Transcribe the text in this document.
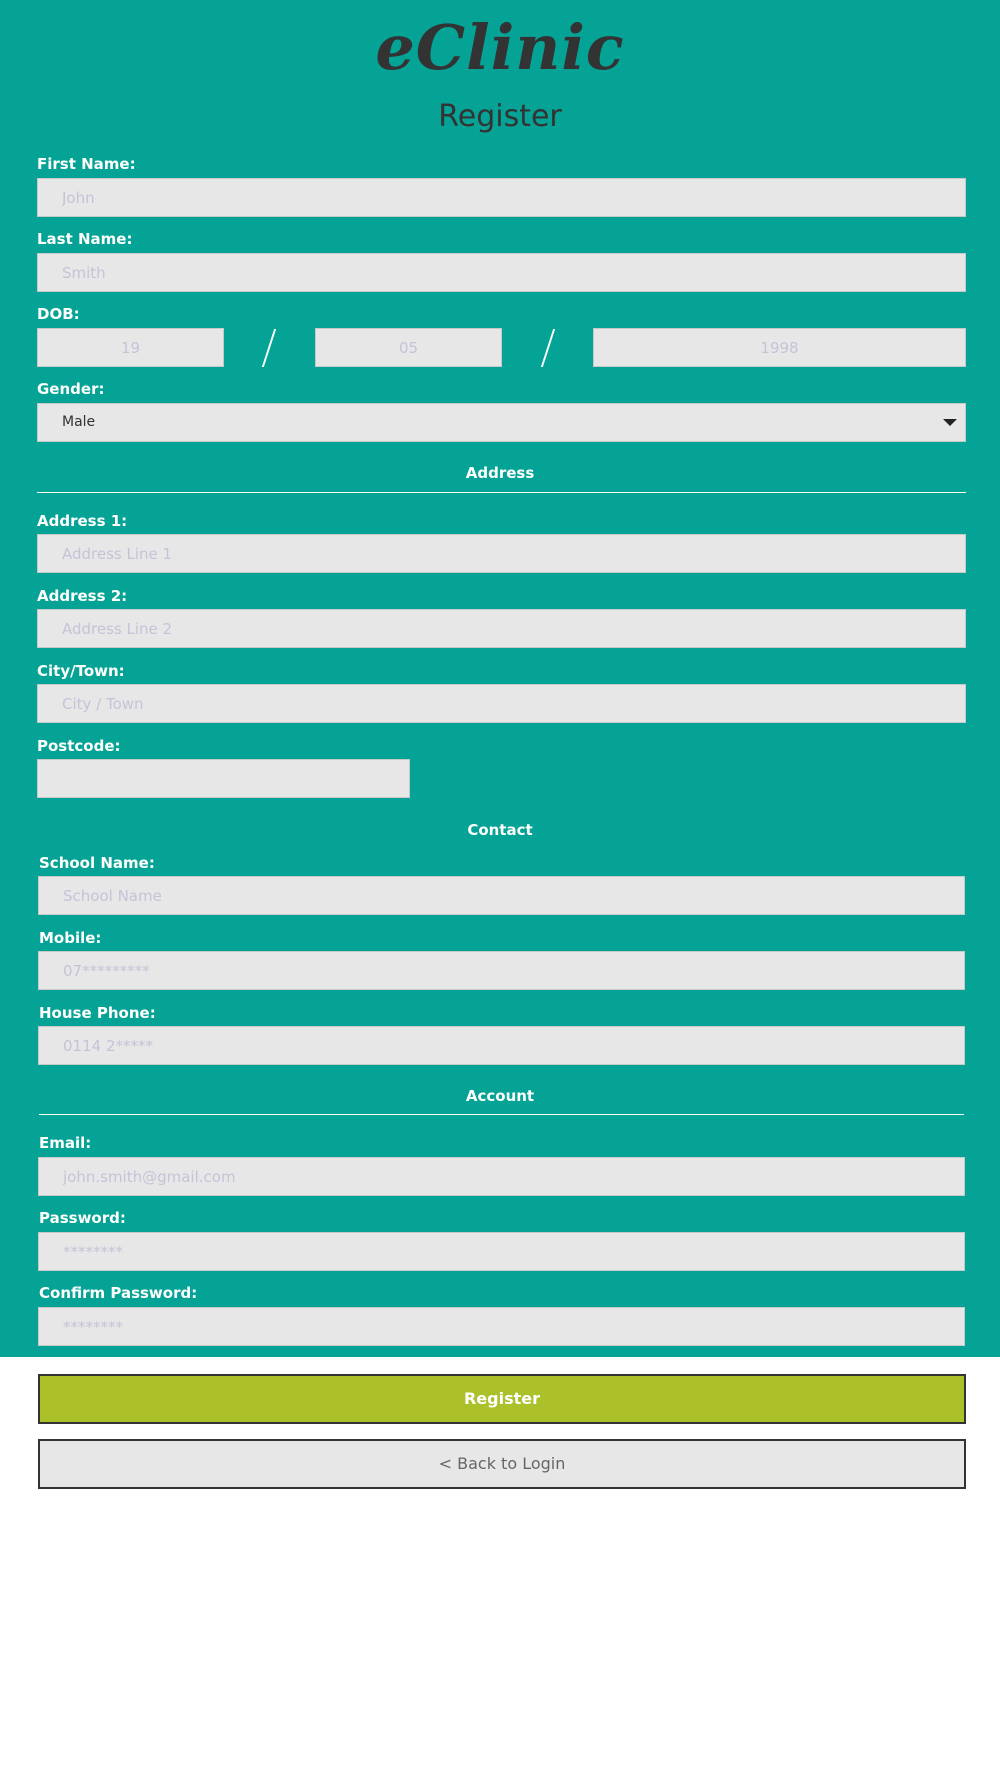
eClinic
Register
First Name:
John
Last Name:
Smith
DOB:
19
05
1998
Gender:
Male
Address
Address 1:
Address Line 1
Address 2:
Address Line 2
City/Town:
City / Town
Postcode:
Contact
School Name:
School Name
Mobile:
07*********
House Phone:
0114 2*****
Account
Email:
john.smith@gmail.com
Password:
Confirm Password:
Register
< Back to Login
